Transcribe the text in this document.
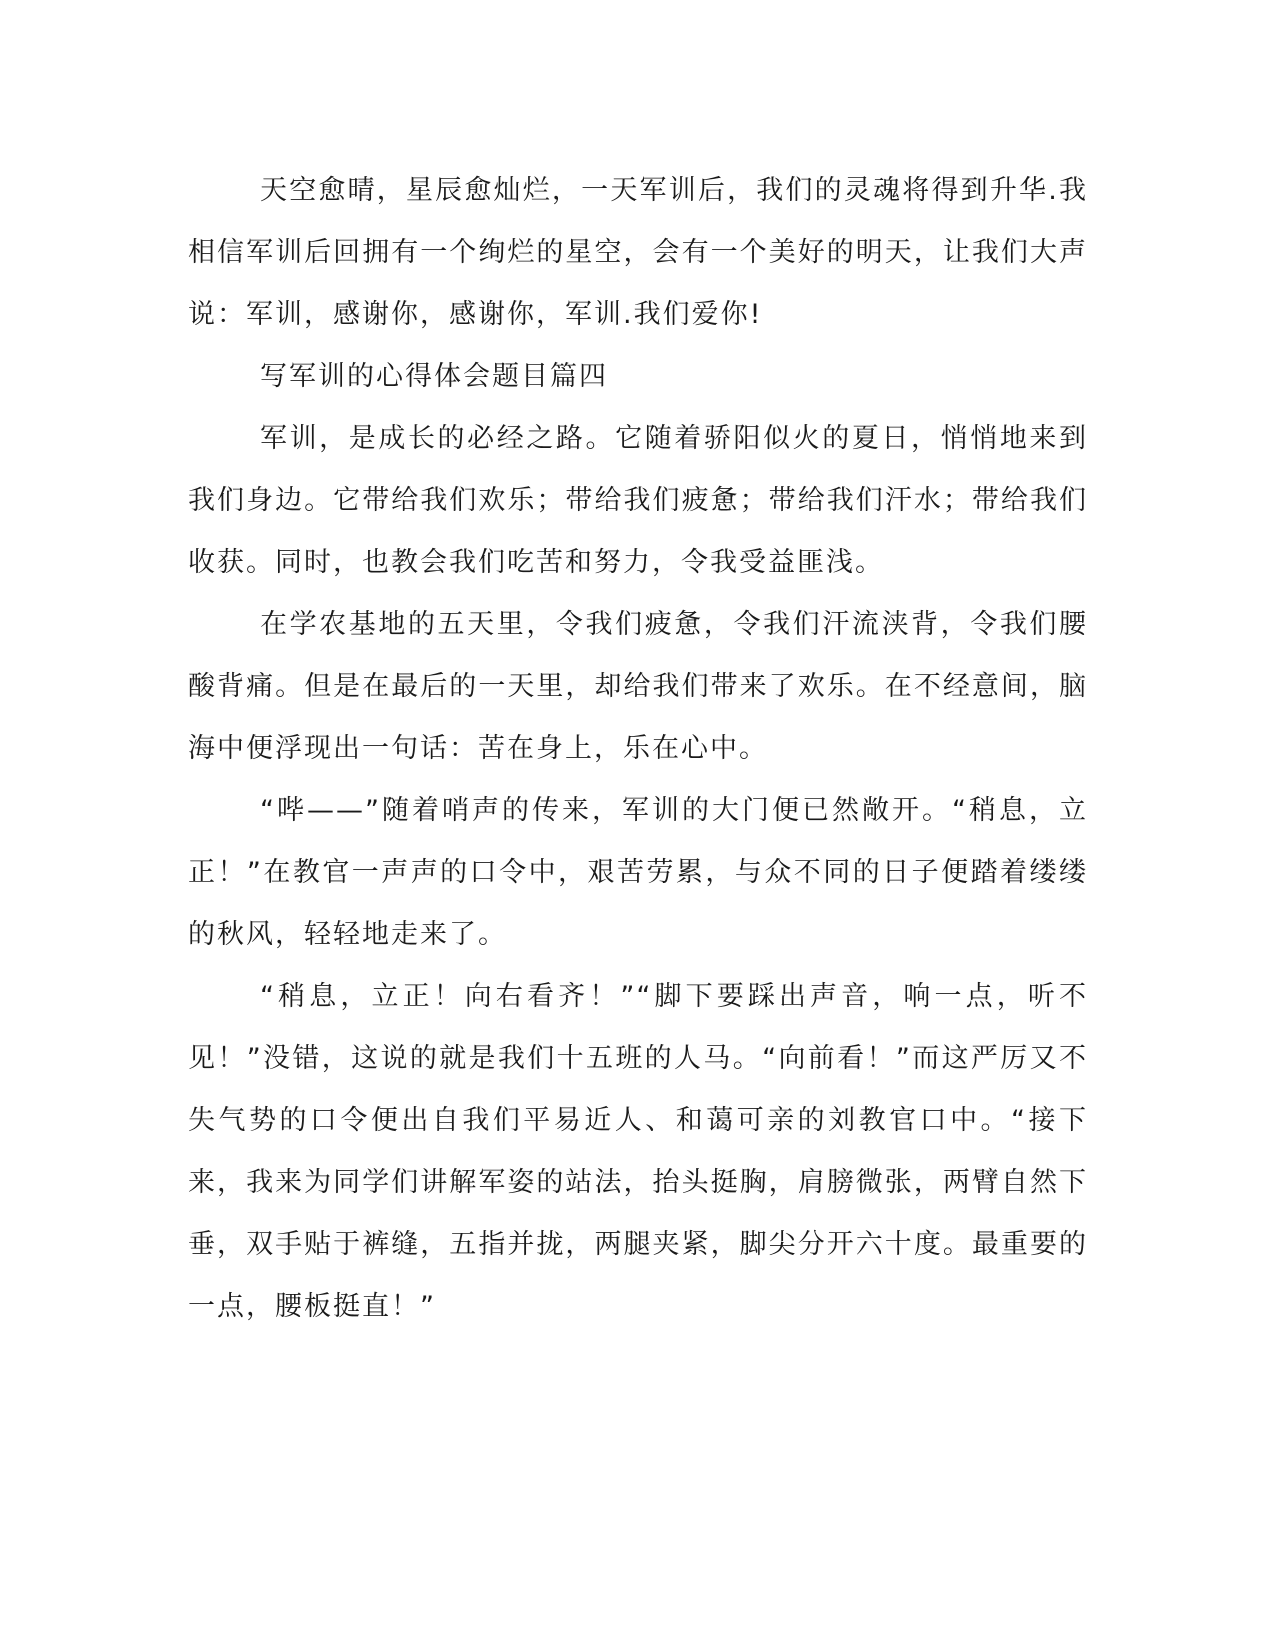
天空愈晴，星辰愈灿烂，一天军训后，我们的灵魂将得到升华.我相信军训后回拥有一个绚烂的星空，会有一个美好的明天，让我们大声说：军训，感谢你，感谢你，军训.我们爱你!

写军训的心得体会题目篇四

军训，是成长的必经之路。它随着骄阳似火的夏日，悄悄地来到我们身边。它带给我们欢乐；带给我们疲惫；带给我们汗水；带给我们收获。同时，也教会我们吃苦和努力，令我受益匪浅。

在学农基地的五天里，令我们疲惫，令我们汗流浃背，令我们腰酸背痛。但是在最后的一天里，却给我们带来了欢乐。在不经意间，脑海中便浮现出一句话：苦在身上，乐在心中。

“哔——”随着哨声的传来，军训的大门便已然敞开。“稍息，立正！”在教官一声声的口令中，艰苦劳累，与众不同的日子便踏着缕缕的秋风，轻轻地走来了。

“稍息，立正！向右看齐！”“脚下要踩出声音，响一点，听不见！”没错，这说的就是我们十五班的人马。“向前看！”而这严厉又不失气势的口令便出自我们平易近人、和蔼可亲的刘教官口中。“接下来，我来为同学们讲解军姿的站法，抬头挺胸，肩膀微张，两臂自然下垂，双手贴于裤缝，五指并拢，两腿夹紧，脚尖分开六十度。最重要的一点，腰板挺直！”
